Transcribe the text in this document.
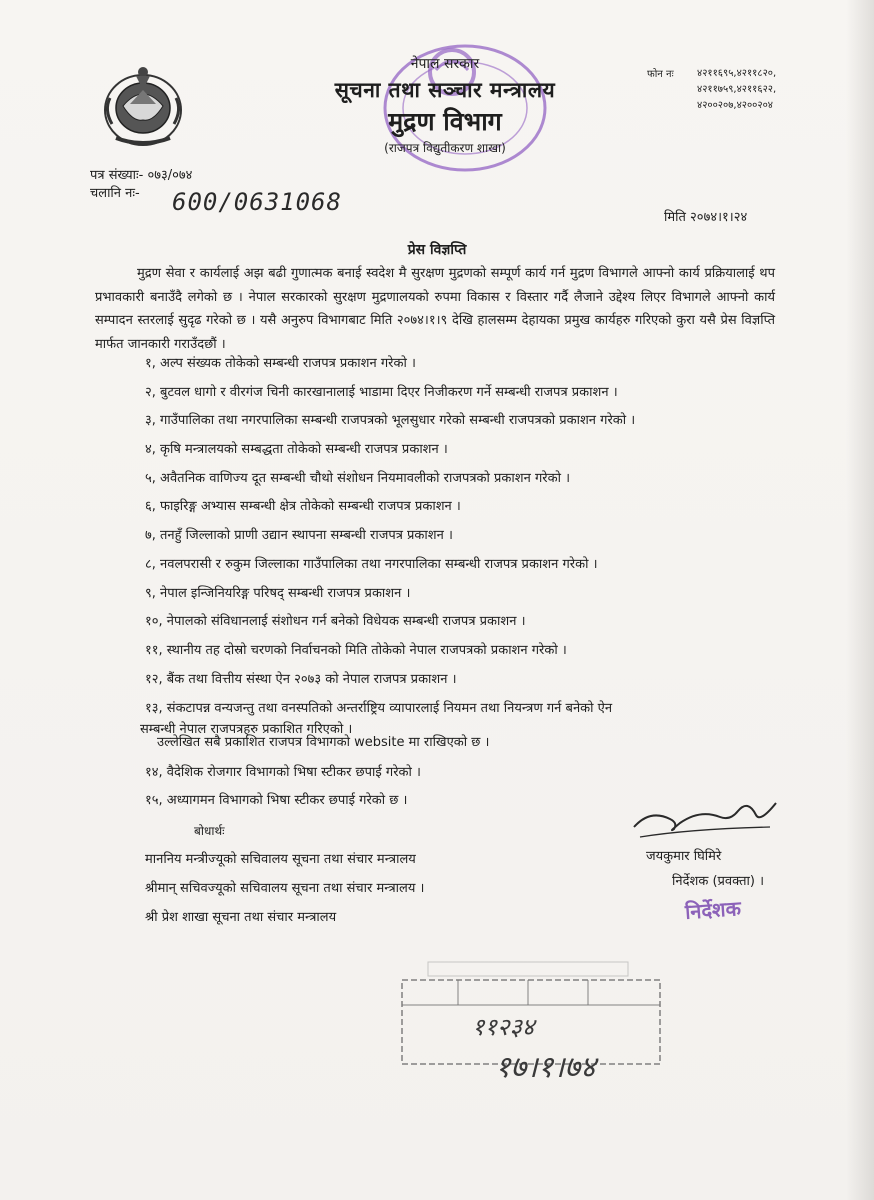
नेपाल सरकार
सूचना तथा सञ्चार मन्त्रालय
मुद्रण विभाग
(राजपत्र विद्युतीकरण शाखा)
फोन नः ४२११६९५,४२११८२०,
४२११७५९,४२११६२२,
४२००२०७,४२००२०४
पत्र संख्याः- ०७३/०७४
चलानि नः-	600/0631068
मिति २०७४।१।२४
प्रेस विज्ञप्ति
मुद्रण सेवा र कार्यलाई अझ बढी गुणात्मक बनाई स्वदेश मै सुरक्षण मुद्रणको सम्पूर्ण कार्य गर्न मुद्रण विभागले आफ्नो कार्य प्रक्रियालाई थप प्रभावकारी बनाउँदै लगेको छ । नेपाल सरकारको सुरक्षण मुद्रणालयको रुपमा विकास र विस्तार गर्दै लैजाने उद्देश्य लिएर विभागले आफ्नो कार्य सम्पादन स्तरलाई सुदृढ गरेको छ । यसै अनुरुप विभागबाट मिति २०७४।१।९ देखि हालसम्म देहायका प्रमुख कार्यहरु गरिएको कुरा यसै प्रेस विज्ञप्ति मार्फत जानकारी गराउँदछौं ।
१, अल्प संख्यक तोकेको सम्बन्धी राजपत्र प्रकाशन गरेको ।
२, बुटवल धागो र वीरगंज चिनी कारखानालाई भाडामा दिएर निजीकरण गर्ने सम्बन्धी राजपत्र प्रकाशन ।
३, गाउँपालिका तथा नगरपालिका सम्बन्धी राजपत्रको भूलसुधार गरेको सम्बन्धी राजपत्रको प्रकाशन गरेको ।
४, कृषि मन्त्रालयको सम्बद्धता तोकेको सम्बन्धी राजपत्र प्रकाशन ।
५, अवैतनिक वाणिज्य दूत सम्बन्धी चौथो संशोधन नियमावलीको राजपत्रको प्रकाशन गरेको ।
६, फाइरिङ्ग अभ्यास सम्बन्धी क्षेत्र तोकेको सम्बन्धी राजपत्र प्रकाशन ।
७, तनहुँ जिल्लाको प्राणी उद्यान स्थापना सम्बन्धी राजपत्र प्रकाशन ।
८, नवलपरासी र रुकुम जिल्लाका गाउँपालिका तथा नगरपालिका सम्बन्धी राजपत्र प्रकाशन गरेको ।
९, नेपाल इन्जिनियरिङ्ग परिषद् सम्बन्धी राजपत्र प्रकाशन ।
१०, नेपालको संविधानलाई संशोधन गर्न बनेको विधेयक सम्बन्धी राजपत्र प्रकाशन ।
११, स्थानीय तह दोस्रो चरणको निर्वाचनको मिति तोकेको नेपाल राजपत्रको प्रकाशन गरेको ।
१२, बैंक तथा वित्तीय संस्था ऐन २०७३ को नेपाल राजपत्र प्रकाशन ।
१३, संकटापन्न वन्यजन्तु तथा वनस्पतिको अन्तर्राष्ट्रिय व्यापारलाई नियमन तथा नियन्त्रण गर्न बनेको ऐन
सम्बन्धी नेपाल राजपत्रहरु प्रकाशित गरिएको ।
उल्लेखित सबै प्रकाशित राजपत्र विभागको website मा राखिएको छ ।
१४, वैदेशिक रोजगार विभागको भिषा स्टीकर छपाई गरेको ।
१५, अध्यागमन विभागको भिषा स्टीकर छपाई गरेको छ ।
बोधार्थः
माननिय मन्त्रीज्यूको सचिवालय सूचना तथा संचार मन्त्रालय
श्रीमान् सचिवज्यूको सचिवालय सूचना तथा संचार मन्त्रालय ।
श्री प्रेश शाखा सूचना तथा संचार मन्त्रालय
जयकुमार घिमिरे
निर्देशक (प्रवक्ता) ।
निर्देशक
११२३४
१७।१।७४
